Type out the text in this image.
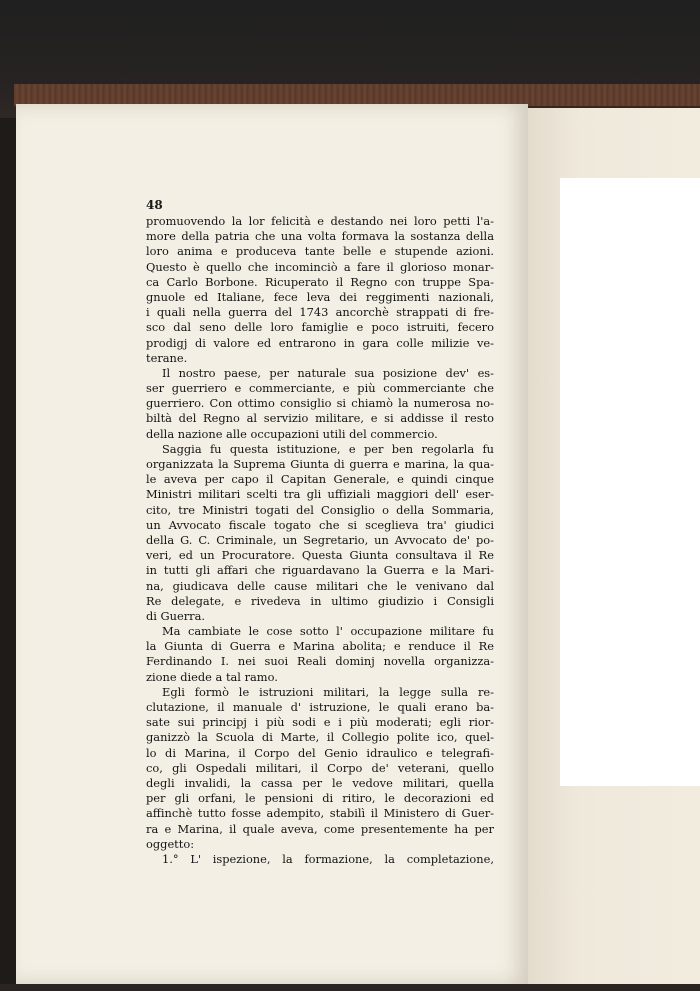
48
promuovendo la lor felicità e destando nei loro petti l'a-
more della patria che una volta formava la sostanza della
loro anima e produceva tante belle e stupende azioni.
Questo è quello che incominciò a fare il glorioso monar-
ca Carlo Borbone. Ricuperato il Regno con truppe Spa-
gnuole ed Italiane, fece leva dei reggimenti nazionali,
i quali nella guerra del 1743 ancorchè strappati di fre-
sco dal seno delle loro famiglie e poco istruiti, fecero
prodigj di valore ed entrarono in gara colle milizie ve-
terane.
Il nostro paese, per naturale sua posizione dev' es-
ser guerriero e commerciante, e più commerciante che
guerriero. Con ottimo consiglio si chiamò la numerosa no-
biltà del Regno al servizio militare, e si addisse il resto
della nazione alle occupazioni utili del commercio.
Saggia fu questa istituzione, e per ben regolarla fu
organizzata la Suprema Giunta di guerra e marina, la qua-
le aveva per capo il Capitan Generale, e quindi cinque
Ministri militari scelti tra gli uffiziali maggiori dell' eser-
cito, tre Ministri togati del Consiglio o della Sommaria,
un Avvocato fiscale togato che si sceglieva tra' giudici
della G. C. Criminale, un Segretario, un Avvocato de' po-
veri, ed un Procuratore. Questa Giunta consultava il Re
in tutti gli affari che riguardavano la Guerra e la Mari-
na, giudicava delle cause militari che le venivano dal
Re delegate, e rivedeva in ultimo giudizio i Consigli
di Guerra.
Ma cambiate le cose sotto l' occupazione militare fu
la Giunta di Guerra e Marina abolita; e renduce il Re
Ferdinando I. nei suoi Reali dominj novella organizza-
zione diede a tal ramo.
Egli formò le istruzioni militari, la legge sulla re-
clutazione, il manuale d' istruzione, le quali erano ba-
sate sui principj i più sodi e i più moderati; egli rior-
ganizzò la Scuola di Marte, il Collegio polite ico, quel-
lo di Marina, il Corpo del Genio idraulico e telegrafi-
co, gli Ospedali militari, il Corpo de' veterani, quello
degli invalidi, la cassa per le vedove militari, quella
per gli orfani, le pensioni di ritiro, le decorazioni ed
affinchè tutto fosse adempito, stabilì il Ministero di Guer-
ra e Marina, il quale aveva, come presentemente ha per
oggetto:
1.° L' ispezione, la formazione, la completazione,
